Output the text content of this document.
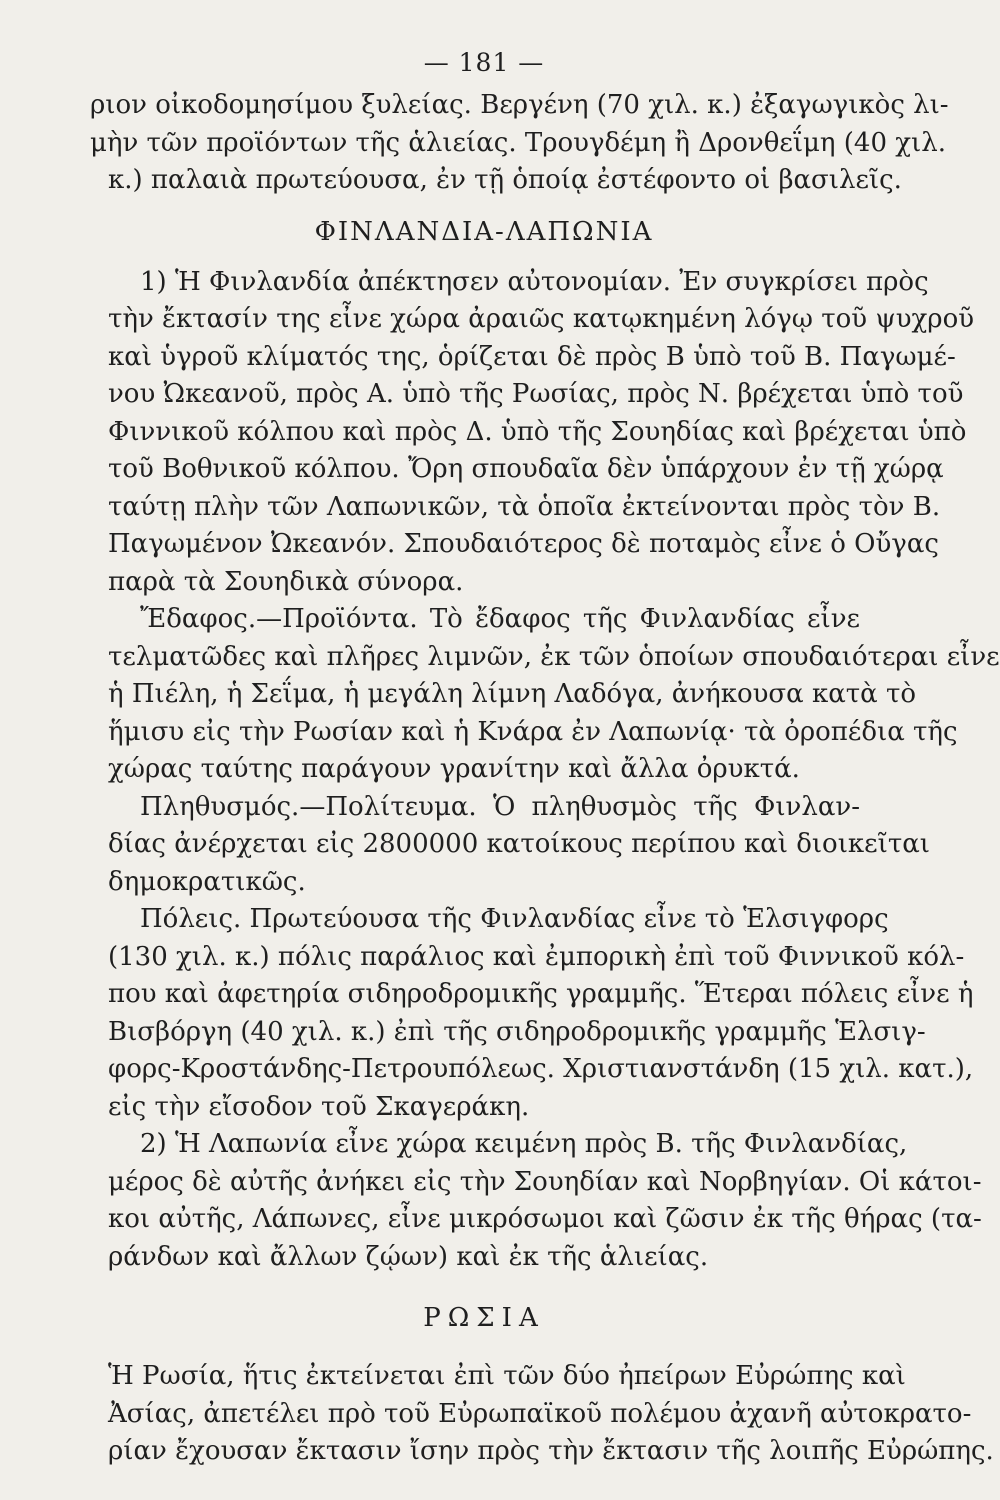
— 181 —
ριον οἰκοδομησίμου ξυλείας. Βεργένη (70 χιλ. κ.) ἐξαγωγικὸς λι-
μὴν τῶν προϊόντων τῆς ἁλιείας. Τρουγδέμη ἢ Δρονθεΐμη (40 χιλ.
κ.) παλαιὰ πρωτεύουσα, ἐν τῇ ὁποίᾳ ἐστέφοντο οἱ βασιλεῖς.
ΦΙΝΛΑΝΔΙΑ-ΛΑΠΩΝΙΑ
1) Ἡ Φινλανδία ἀπέκτησεν αὐτονομίαν. Ἐν συγκρίσει πρὸς
τὴν ἔκτασίν της εἶνε χώρα ἀραιῶς κατῳκημένη λόγῳ τοῦ ψυχροῦ
καὶ ὑγροῦ κλίματός της, ὁρίζεται δὲ πρὸς Β ὑπὸ τοῦ Β. Παγωμέ-
νου Ὠκεανοῦ, πρὸς Α. ὑπὸ τῆς Ρωσίας, πρὸς Ν. βρέχεται ὑπὸ τοῦ
Φιννικοῦ κόλπου καὶ πρὸς Δ. ὑπὸ τῆς Σουηδίας καὶ βρέχεται ὑπὸ
τοῦ Βοθνικοῦ κόλπου. Ὄρη σπουδαῖα δὲν ὑπάρχουν ἐν τῇ χώρᾳ
ταύτῃ πλὴν τῶν Λαπωνικῶν, τὰ ὁποῖα ἐκτείνονται πρὸς τὸν Β.
Παγωμένον Ὠκεανόν. Σπουδαιότερος δὲ ποταμὸς εἶνε ὁ Οὔγας
παρὰ τὰ Σουηδικὰ σύνορα.
Ἔδαφος.—Προϊόντα. Τὸ ἔδαφος τῆς Φινλανδίας εἶνε
τελματῶδες καὶ πλῆρες λιμνῶν, ἐκ τῶν ὁποίων σπουδαιότεραι εἶνε
ἡ Πιέλη, ἡ Σεΐμα, ἡ μεγάλη λίμνη Λαδόγα, ἀνήκουσα κατὰ τὸ
ἥμισυ εἰς τὴν Ρωσίαν καὶ ἡ Κνάρα ἐν Λαπωνίᾳ· τὰ ὀροπέδια τῆς
χώρας ταύτης παράγουν γρανίτην καὶ ἄλλα ὀρυκτά.
Πληθυσμός.—Πολίτευμα. Ὁ πληθυσμὸς τῆς Φινλαν-
δίας ἀνέρχεται εἰς 2800000 κατοίκους περίπου καὶ διοικεῖται
δημοκρατικῶς.
Πόλεις. Πρωτεύουσα τῆς Φινλανδίας εἶνε τὸ Ἑλσιγφορς
(130 χιλ. κ.) πόλις παράλιος καὶ ἐμπορικὴ ἐπὶ τοῦ Φιννικοῦ κόλ-
που καὶ ἀφετηρία σιδηροδρομικῆς γραμμῆς. Ἕτεραι πόλεις εἶνε ἡ
Βισβόργη (40 χιλ. κ.) ἐπὶ τῆς σιδηροδρομικῆς γραμμῆς Ἑλσιγ-
φορς-Κροστάνδης-Πετρουπόλεως. Χριστιανστάνδη (15 χιλ. κατ.),
εἰς τὴν εἴσοδον τοῦ Σκαγεράκη.
2) Ἡ Λαπωνία εἶνε χώρα κειμένη πρὸς Β. τῆς Φινλανδίας,
μέρος δὲ αὐτῆς ἀνήκει εἰς τὴν Σουηδίαν καὶ Νορβηγίαν. Οἱ κάτοι-
κοι αὐτῆς, Λάπωνες, εἶνε μικρόσωμοι καὶ ζῶσιν ἐκ τῆς θήρας (τα-
ράνδων καὶ ἄλλων ζῴων) καὶ ἐκ τῆς ἁλιείας.
ΡΩΣΙΑ
Ἡ Ρωσία, ἥτις ἐκτείνεται ἐπὶ τῶν δύο ἠπείρων Εὐρώπης καὶ
Ἀσίας, ἀπετέλει πρὸ τοῦ Εὐρωπαϊκοῦ πολέμου ἀχανῆ αὐτοκρατο-
ρίαν ἔχουσαν ἔκτασιν ἴσην πρὸς τὴν ἔκτασιν τῆς λοιπῆς Εὐρώπης.
